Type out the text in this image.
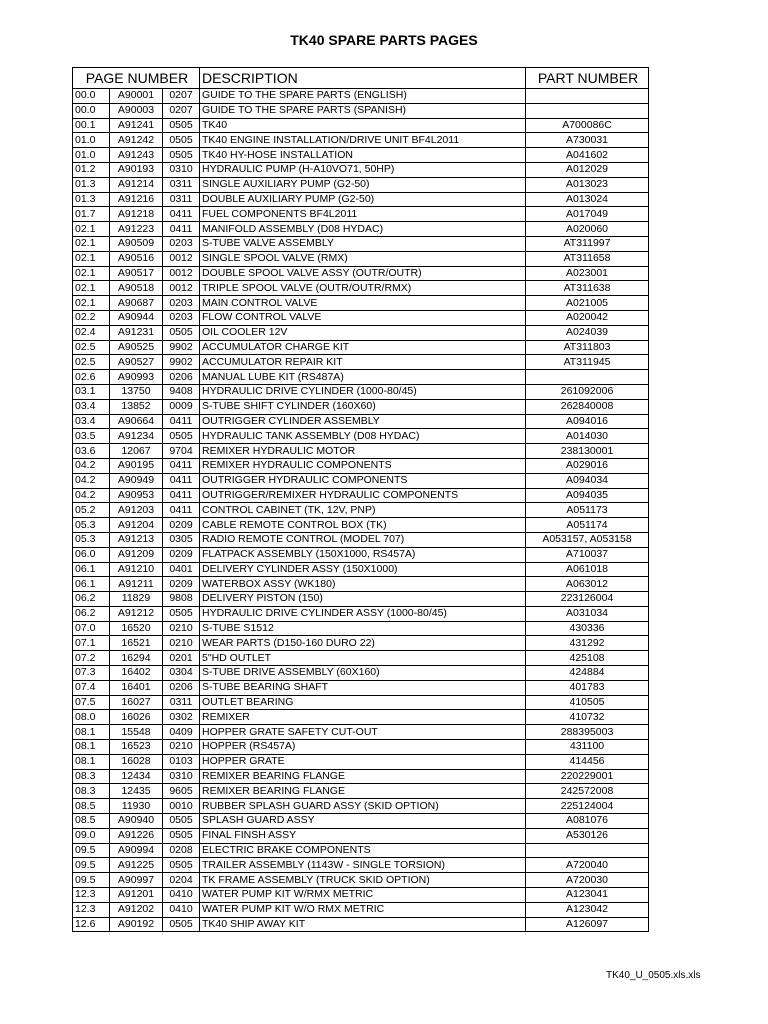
TK40 SPARE PARTS PAGES
PAGE NUMBER			DESCRIPTION	PART NUMBER
00.0	A90001	0207	GUIDE TO THE SPARE PARTS (ENGLISH)	
00.0	A90003	0207	GUIDE TO THE SPARE PARTS (SPANISH)	
00.1	A91241	0505	TK40	A700086C
01.0	A91242	0505	TK40 ENGINE INSTALLATION/DRIVE UNIT BF4L2011	A730031
01.0	A91243	0505	TK40 HY-HOSE INSTALLATION	A041602
01.2	A90193	0310	HYDRAULIC PUMP (H-A10VO71, 50HP)	A012029
01.3	A91214	0311	SINGLE AUXILIARY PUMP (G2-50)	A013023
01.3	A91216	0311	DOUBLE AUXILIARY PUMP (G2-50)	A013024
01.7	A91218	0411	FUEL COMPONENTS BF4L2011	A017049
02.1	A91223	0411	MANIFOLD ASSEMBLY (D08 HYDAC)	A020060
02.1	A90509	0203	S-TUBE VALVE ASSEMBLY	AT311997
02.1	A90516	0012	SINGLE SPOOL VALVE (RMX)	AT311658
02.1	A90517	0012	DOUBLE SPOOL VALVE ASSY (OUTR/OUTR)	A023001
02.1	A90518	0012	TRIPLE SPOOL VALVE (OUTR/OUTR/RMX)	AT311638
02.1	A90687	0203	MAIN CONTROL VALVE	A021005
02.2	A90944	0203	FLOW CONTROL VALVE	A020042
02.4	A91231	0505	OIL COOLER 12V	A024039
02.5	A90525	9902	ACCUMULATOR CHARGE KIT	AT311803
02.5	A90527	9902	ACCUMULATOR REPAIR KIT	AT311945
02.6	A90993	0206	MANUAL LUBE KIT (RS487A)	
03.1	13750	9408	HYDRAULIC DRIVE CYLINDER (1000-80/45)	261092006
03.4	13852	0009	S-TUBE SHIFT CYLINDER (160X60)	262840008
03.4	A90664	0411	OUTRIGGER CYLINDER ASSEMBLY	A094016
03.5	A91234	0505	HYDRAULIC TANK ASSEMBLY (D08 HYDAC)	A014030
03.6	12067	9704	REMIXER HYDRAULIC MOTOR	238130001
04.2	A90195	0411	REMIXER HYDRAULIC COMPONENTS	A029016
04.2	A90949	0411	OUTRIGGER HYDRAULIC COMPONENTS	A094034
04.2	A90953	0411	OUTRIGGER/REMIXER HYDRAULIC COMPONENTS	A094035
05.2	A91203	0411	CONTROL CABINET (TK, 12V, PNP)	A051173
05.3	A91204	0209	CABLE REMOTE CONTROL BOX (TK)	A051174
05.3	A91213	0305	RADIO REMOTE CONTROL (MODEL 707)	A053157, A053158
06.0	A91209	0209	FLATPACK ASSEMBLY (150X1000, RS457A)	A710037
06.1	A91210	0401	DELIVERY CYLINDER ASSY (150X1000)	A061018
06.1	A91211	0209	WATERBOX ASSY (WK180)	A063012
06.2	11829	9808	DELIVERY PISTON (150)	223126004
06.2	A91212	0505	HYDRAULIC DRIVE CYLINDER ASSY (1000-80/45)	A031034
07.0	16520	0210	S-TUBE S1512	430336
07.1	16521	0210	WEAR PARTS (D150-160 DURO 22)	431292
07.2	16294	0201	5"HD OUTLET	425108
07.3	16402	0304	S-TUBE DRIVE ASSEMBLY (60X160)	424884
07.4	16401	0206	S-TUBE BEARING SHAFT	401783
07.5	16027	0311	OUTLET BEARING	410505
08.0	16026	0302	REMIXER	410732
08.1	15548	0409	HOPPER GRATE SAFETY CUT-OUT	288395003
08.1	16523	0210	HOPPER (RS457A)	431100
08.1	16028	0103	HOPPER GRATE	414456
08.3	12434	0310	REMIXER BEARING FLANGE	220229001
08.3	12435	9605	REMIXER BEARING FLANGE	242572008
08.5	11930	0010	RUBBER SPLASH GUARD ASSY (SKID OPTION)	225124004
08.5	A90940	0505	SPLASH GUARD ASSY	A081076
09.0	A91226	0505	FINAL FINSH ASSY	A530126
09.5	A90994	0208	ELECTRIC BRAKE COMPONENTS	
09.5	A91225	0505	TRAILER ASSEMBLY (1143W - SINGLE TORSION)	A720040
09.5	A90997	0204	TK FRAME ASSEMBLY (TRUCK SKID OPTION)	A720030
12.3	A91201	0410	WATER PUMP KIT W/RMX METRIC	A123041
12.3	A91202	0410	WATER PUMP KIT W/O RMX METRIC	A123042
12.6	A90192	0505	TK40 SHIP AWAY KIT	A126097
TK40_U_0505.xls.xls
